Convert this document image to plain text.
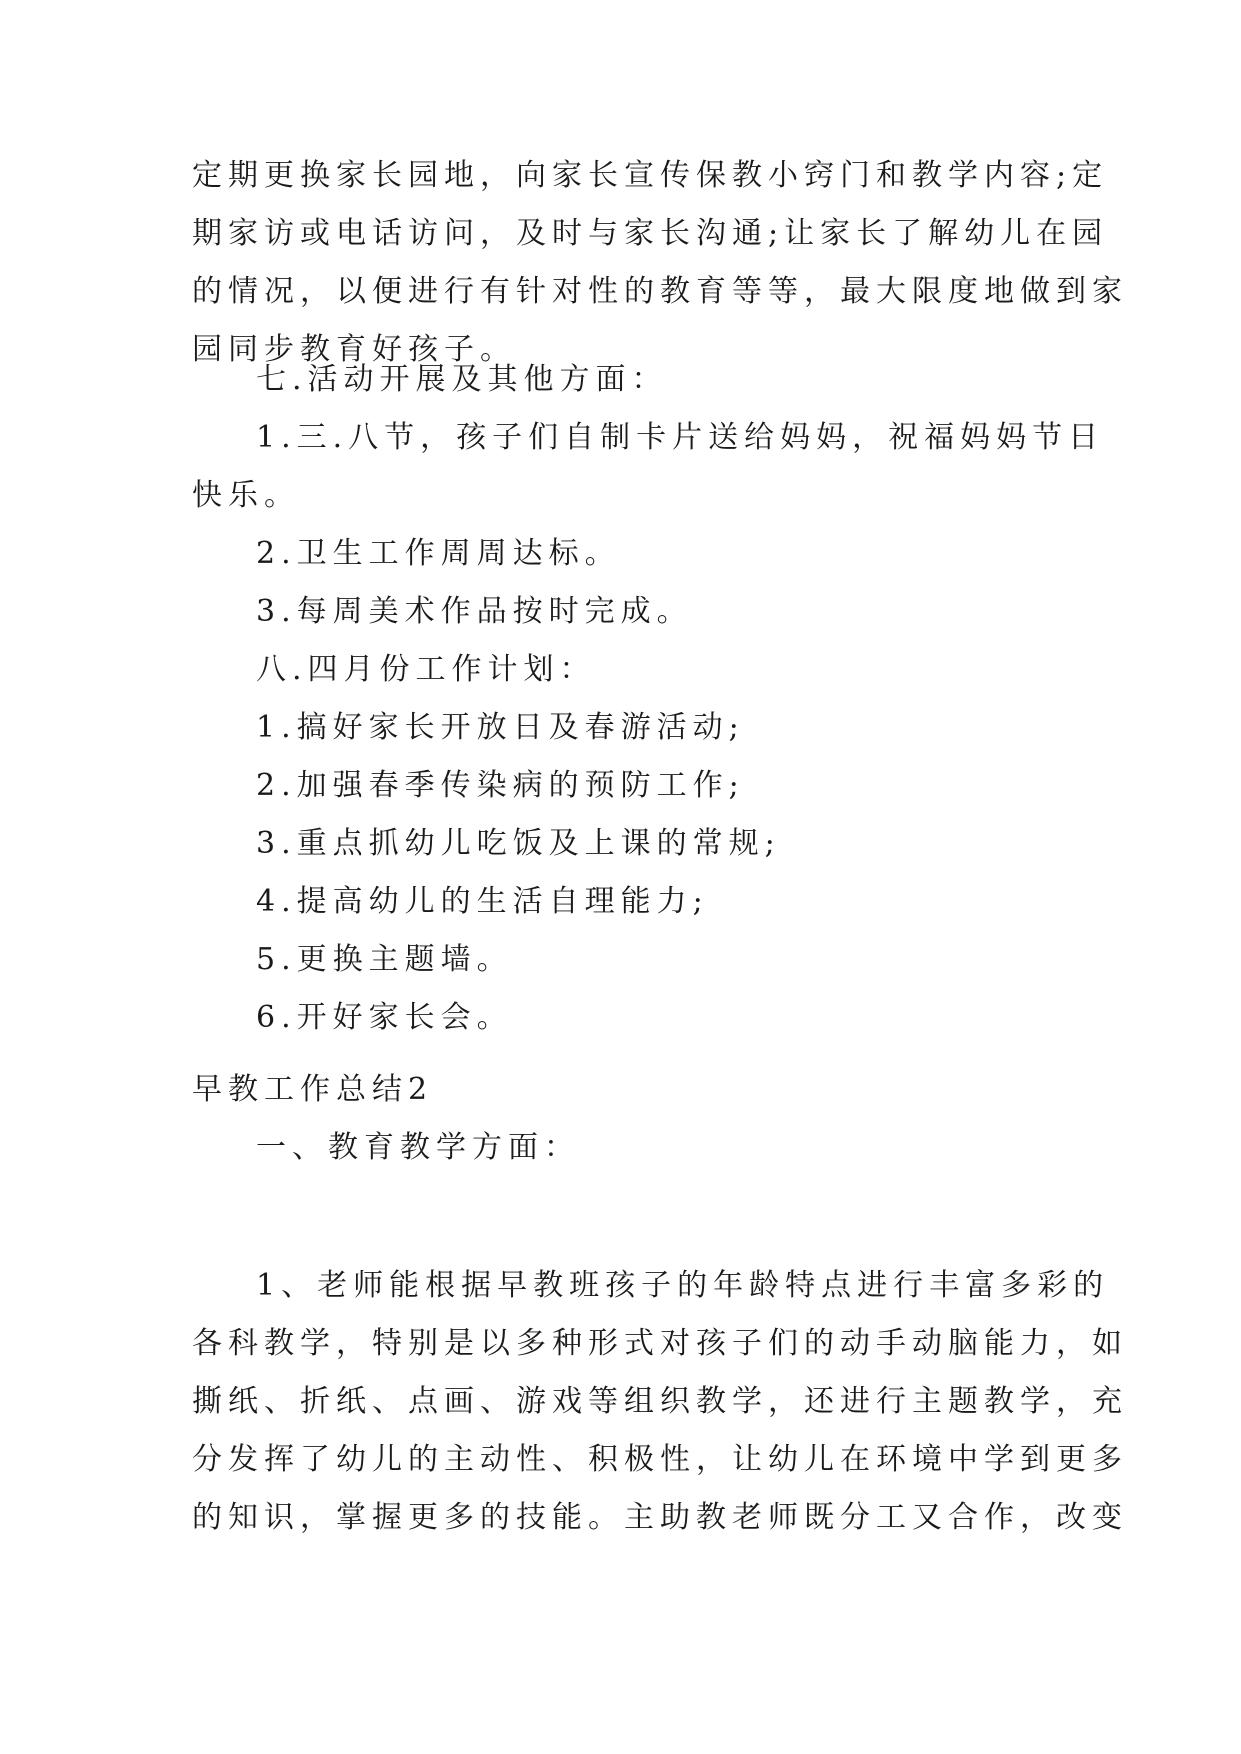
定期更换家长园地，向家长宣传保教小窍门和教学内容;定
期家访或电话访问，及时与家长沟通;让家长了解幼儿在园
的情况，以便进行有针对性的教育等等，最大限度地做到家
园同步教育好孩子。
七.活动开展及其他方面：
1.三.八节，孩子们自制卡片送给妈妈，祝福妈妈节日
快乐。
2.卫生工作周周达标。
3.每周美术作品按时完成。
八.四月份工作计划：
1.搞好家长开放日及春游活动;
2.加强春季传染病的预防工作;
3.重点抓幼儿吃饭及上课的常规;
4.提高幼儿的生活自理能力;
5.更换主题墙。
6.开好家长会。
早教工作总结2
一、教育教学方面：
1、老师能根据早教班孩子的年龄特点进行丰富多彩的
各科教学，特别是以多种形式对孩子们的动手动脑能力，如
撕纸、折纸、点画、游戏等组织教学，还进行主题教学，充
分发挥了幼儿的主动性、积极性，让幼儿在环境中学到更多
的知识，掌握更多的技能。主助教老师既分工又合作，改变
